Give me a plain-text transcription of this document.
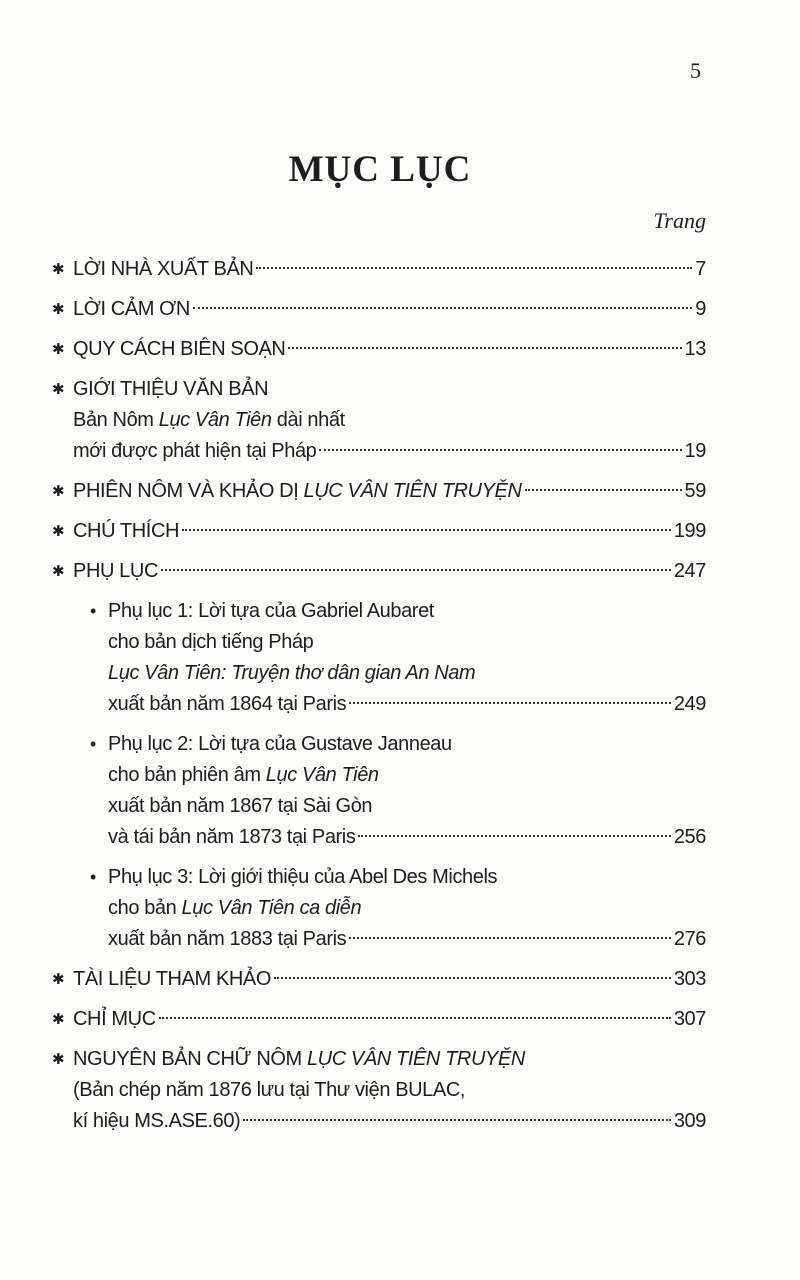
5
MỤC LỤC
Trang
✱ LỜI NHÀ XUẤT BẢN	7
✱ LỜI CẢM ƠN	9
✱ QUY CÁCH BIÊN SOẠN	13
✱ GIỚI THIỆU VĂN BẢN
Bản Nôm Lục Vân Tiên dài nhất
mới được phát hiện tại Pháp	19
✱ PHIÊN NÔM VÀ KHẢO DỊ LỤC VÂN TIÊN TRUYỆN	59
✱ CHÚ THÍCH	199
✱ PHỤ LỤC	247
• Phụ lục 1: Lời tựa của Gabriel Aubaret
cho bản dịch tiếng Pháp
Lục Vân Tiên: Truyện thơ dân gian An Nam
xuất bản năm 1864 tại Paris	249
• Phụ lục 2: Lời tựa của Gustave Janneau
cho bản phiên âm Lục Vân Tiên
xuất bản năm 1867 tại Sài Gòn
và tái bản năm 1873 tại Paris	256
• Phụ lục 3: Lời giới thiệu của Abel Des Michels
cho bản Lục Vân Tiên ca diễn
xuất bản năm 1883 tại Paris	276
✱ TÀI LIỆU THAM KHẢO	303
✱ CHỈ MỤC	307
✱ NGUYÊN BẢN CHỮ NÔM LỤC VÂN TIÊN TRUYỆN
(Bản chép năm 1876 lưu tại Thư viện BULAC,
kí hiệu MS.ASE.60)	309
